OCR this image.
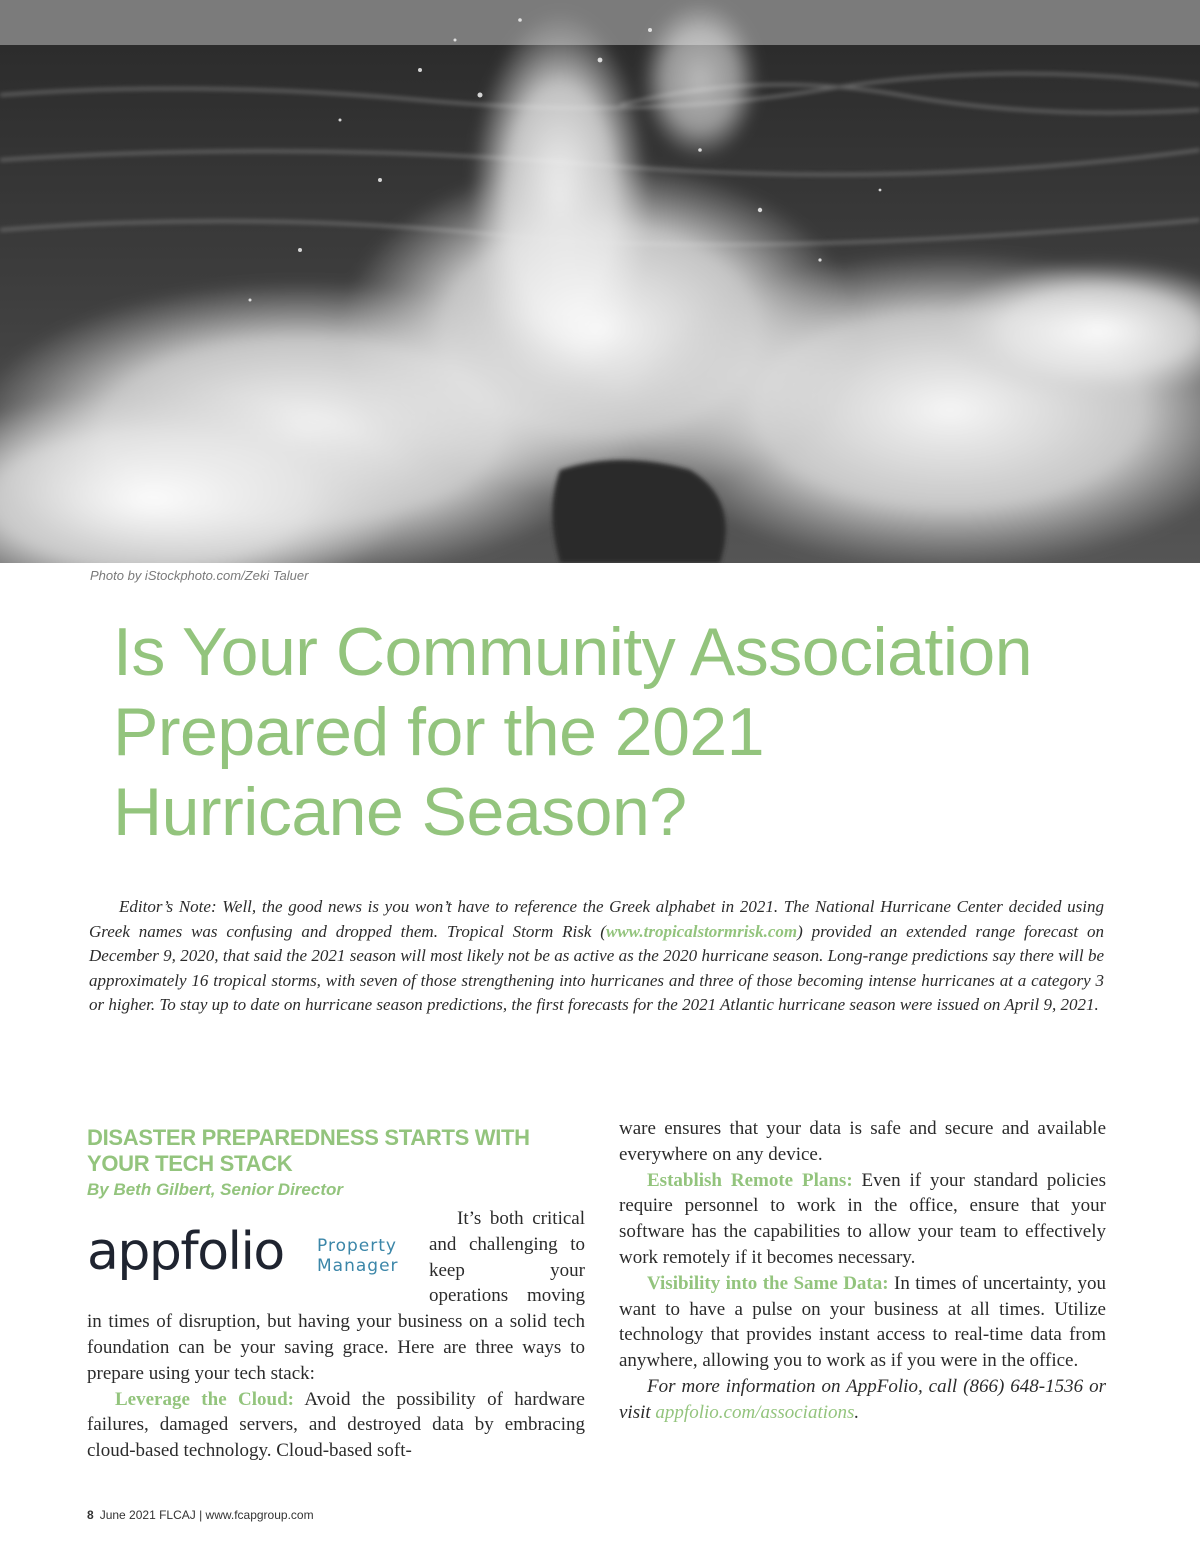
Photo by iStockphoto.com/Zeki Taluer
Is Your Community Association
Prepared for the 2021
Hurricane Season?

Editor’s Note: Well, the good news is you won’t have to reference the Greek alphabet in 2021. The National Hurricane Center decided using Greek names was confusing and dropped them. Tropical Storm Risk (www.tropicalstormrisk.com) provided an extended range forecast on December 9, 2020, that said the 2021 season will most likely not be as active as the 2020 hurricane season. Long-range predictions say there will be approximately 16 tropical storms, with seven of those strengthening into hurricanes and three of those becoming intense hurricanes at a category 3 or higher. To stay up to date on hurricane season predictions, the first forecasts for the 2021 Atlantic hurricane season were issued on April 9, 2021.

DISASTER PREPAREDNESS STARTS WITH YOUR TECH STACK

By Beth Gilbert, Senior Director

appfolio Property
Manager

It’s both critical and challenging to keep your operations moving in times of disruption, but having your business on a solid tech foundation can be your saving grace. Here are three ways to prepare using your tech stack:

Leverage the Cloud: Avoid the possibility of hardware failures, damaged servers, and destroyed data by embracing cloud-based technology. Cloud-based soft-

ware ensures that your data is safe and secure and available everywhere on any device.

Establish Remote Plans: Even if your standard policies require personnel to work in the office, ensure that your software has the capabilities to allow your team to effectively work remotely if it becomes necessary.

Visibility into the Same Data: In times of uncertainty, you want to have a pulse on your business at all times. Utilize technology that provides instant access to real-time data from anywhere, allowing you to work as if you were in the office.

For more information on AppFolio, call (866) 648-1536 or visit appfolio.com/associations.

8 June 2021 FLCAJ | www.fcapgroup.com
